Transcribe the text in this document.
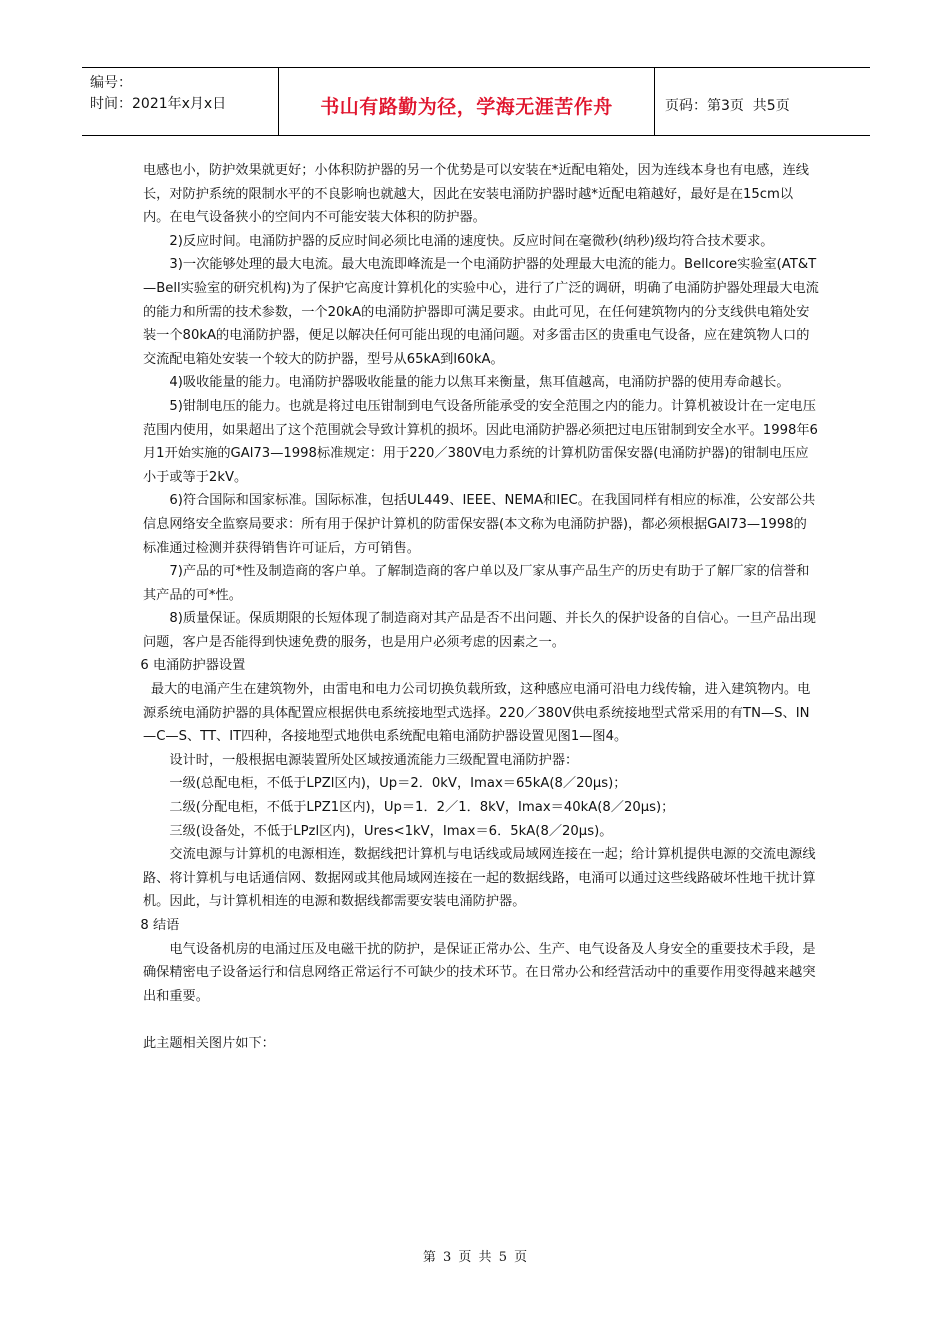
编号：
时间：2021年x月x日	书山有路勤为径，学海无涯苦作舟	页码：第3页  共5页

电感也小，防护效果就更好；小体积防护器的另一个优势是可以安装在*近配电箱处，因为连线本身也有电感，连线长，对防护系统的限制水平的不良影响也就越大，因此在安装电涌防护器时越*近配电箱越好，最好是在15cm以内。在电气设备狭小的空间内不可能安装大体积的防护器。

2)反应时间。电涌防护器的反应时间必须比电涌的速度快。反应时间在毫微秒(纳秒)级均符合技术要求。

3)一次能够处理的最大电流。最大电流即峰流是一个电涌防护器的处理最大电流的能力。Bellcore实验室(AT&T—Bell实验室的研究机构)为了保护它高度计算机化的实验中心，进行了广泛的调研，明确了电涌防护器处理最大电流的能力和所需的技术参数，一个20kA的电涌防护器即可满足要求。由此可见，在任何建筑物内的分支线供电箱处安装一个80kA的电涌防护器，便足以解决任何可能出现的电涌问题。对多雷击区的贵重电气设备，应在建筑物人口的交流配电箱处安装一个较大的防护器，型号从65kA到l60kA。

4)吸收能量的能力。电涌防护器吸收能量的能力以焦耳来衡量，焦耳值越高，电涌防护器的使用寿命越长。

5)钳制电压的能力。也就是将过电压钳制到电气设备所能承受的安全范围之内的能力。计算机被设计在一定电压范围内使用，如果超出了这个范围就会导致计算机的损坏。因此电涌防护器必须把过电压钳制到安全水平。1998年6月1开始实施的GAl73—1998标准规定：用于220／380V电力系统的计算机防雷保安器(电涌防护器)的钳制电压应小于或等于2kV。

6)符合国际和国家标准。国际标准，包括UL449、IEEE、NEMA和IEC。在我国同样有相应的标准，公安部公共信息网络安全监察局要求：所有用于保护计算机的防雷保安器(本文称为电涌防护器)，都必须根据GAl73—1998的标准通过检测并获得销售许可证后，方可销售。

7)产品的可*性及制造商的客户单。了解制造商的客户单以及厂家从事产品生产的历史有助于了解厂家的信誉和其产品的可*性。

8)质量保证。保质期限的长短体现了制造商对其产品是否不出问题、并长久的保护设备的自信心。一旦产品出现问题，客户是否能得到快速免费的服务，也是用户必须考虑的因素之一。

6 电涌防护器设置

最大的电涌产生在建筑物外，由雷电和电力公司切换负载所致，这种感应电涌可沿电力线传输，进入建筑物内。电源系统电涌防护器的具体配置应根据供电系统接地型式选择。220／380V供电系统接地型式常采用的有TN—S、IN—C—S、TT、IT四种，各接地型式地供电系统配电箱电涌防护器设置见图1—图4。

设计时，一般根据电源装置所处区域按通流能力三级配置电涌防护器：

一级(总配电柜，不低于LPZl区内)，Up＝2．0kV，Imax＝65kA(8／20μs)；

二级(分配电柜，不低于LPZ1区内)，Up＝1．2／1．8kV，Imax＝40kA(8／20μs)；

三级(设备处，不低于LPzl区内)，Ures<1kV，Imax＝6．5kA(8／20μs)。

交流电源与计算机的电源相连，数据线把计算机与电话线或局域网连接在一起；给计算机提供电源的交流电源线路、将计算机与电话通信网、数据网或其他局域网连接在一起的数据线路，电涌可以通过这些线路破坏性地干扰计算机。因此，与计算机相连的电源和数据线都需要安装电涌防护器。

8 结语

电气设备机房的电涌过压及电磁干扰的防护，是保证正常办公、生产、电气设备及人身安全的重要技术手段，是确保精密电子设备运行和信息网络正常运行不可缺少的技术环节。在日常办公和经营活动中的重要作用变得越来越突出和重要。

此主题相关图片如下：

第 3 页 共 5 页
